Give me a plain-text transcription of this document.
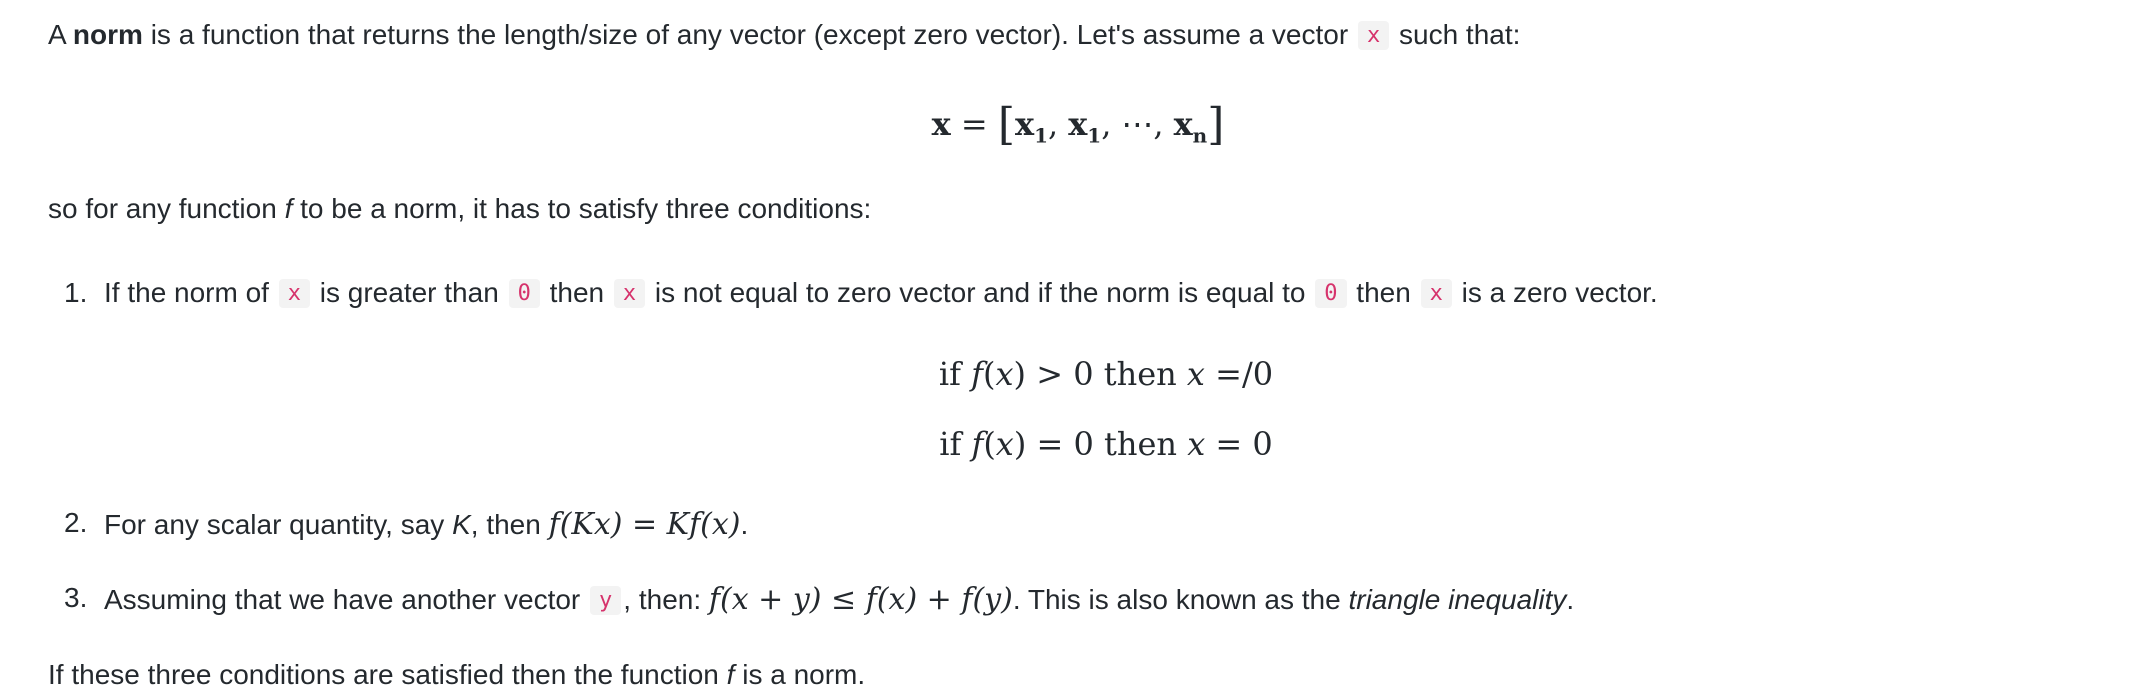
A norm is a function that returns the length/size of any vector (except zero vector). Let's assume a vector x such that:

$x = [x_1$, $x_1$, ⋯, $x_n$]

so for any function f to be a norm, it has to satisfy three conditions:

1. If the norm of x is greater than 0 then x is not equal to zero vector and if the norm is equal to 0 then x is a zero vector.
if f(x) > 0 then x =/0
if f(x) = 0 then x = 0
2. For any scalar quantity, say K, then f(Kx) = Kf(x).
3. Assuming that we have another vector y , then: f(x + y) ≤ f(x) + f(y). This is also known as the triangle inequality.

If these three conditions are satisfied then the function f is a norm.
